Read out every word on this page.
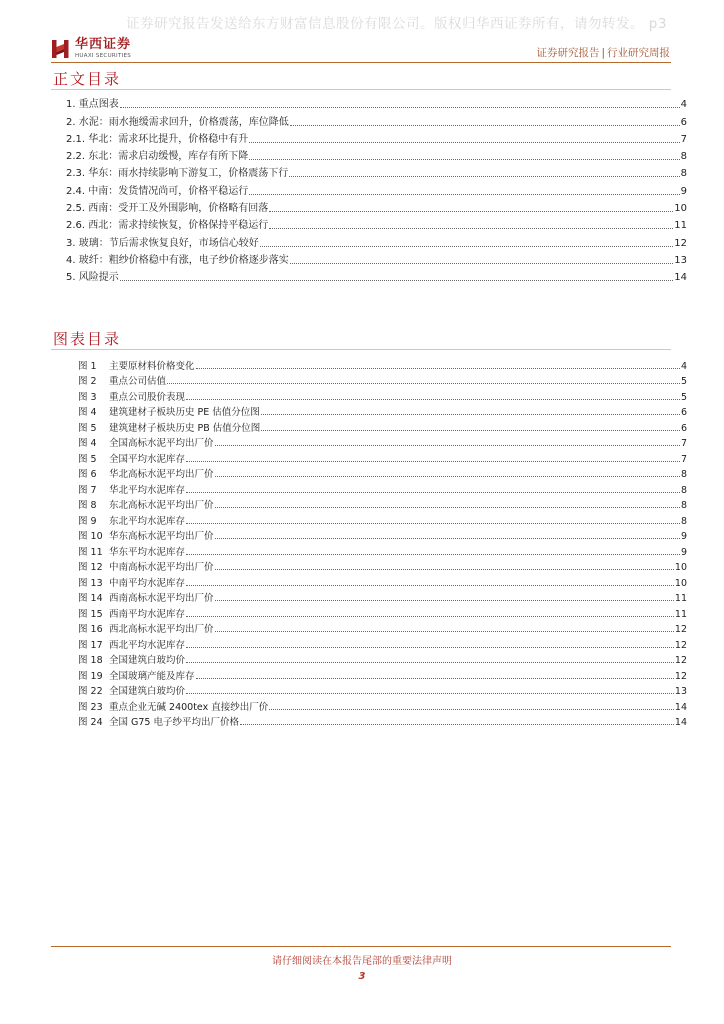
证券研究报告发送给东方财富信息股份有限公司。版权归华西证券所有，请勿转发。 p3
华西证券
HUAXI SECURITIES	证券研究报告 | 行业研究周报
正文目录
1. 重点图表	4
2. 水泥：雨水拖缓需求回升，价格震荡，库位降低	6
2.1. 华北：需求环比提升，价格稳中有升	7
2.2. 东北：需求启动缓慢，库存有所下降	8
2.3. 华东：雨水持续影响下游复工，价格震荡下行	8
2.4. 中南：发货情况尚可，价格平稳运行	9
2.5. 西南：受开工及外围影响，价格略有回落	10
2.6. 西北：需求持续恢复，价格保持平稳运行	11
3. 玻璃：节后需求恢复良好，市场信心较好	12
4. 玻纤：粗纱价格稳中有涨，电子纱价格逐步落实	13
5. 风险提示	14
图表目录
图 1	主要原材料价格变化	4
图 2	重点公司估值	5
图 3	重点公司股价表现	5
图 4	建筑建材子板块历史 PE 估值分位图	6
图 5	建筑建材子板块历史 PB 估值分位图	6
图 4	全国高标水泥平均出厂价	7
图 5	全国平均水泥库存	7
图 6	华北高标水泥平均出厂价	8
图 7	华北平均水泥库存	8
图 8	东北高标水泥平均出厂价	8
图 9	东北平均水泥库存	8
图 10 华东高标水泥平均出厂价	9
图 11 华东平均水泥库存	9
图 12 中南高标水泥平均出厂价	10
图 13 中南平均水泥库存	10
图 14 西南高标水泥平均出厂价	11
图 15 西南平均水泥库存	11
图 16 西北高标水泥平均出厂价	12
图 17 西北平均水泥库存	12
图 18 全国建筑白玻均价	12
图 19 全国玻璃产能及库存	12
图 22 全国建筑白玻均价	13
图 23 重点企业无碱 2400tex 直接纱出厂价	14
图 24 全国 G75 电子纱平均出厂价格	14
请仔细阅读在本报告尾部的重要法律声明
3
